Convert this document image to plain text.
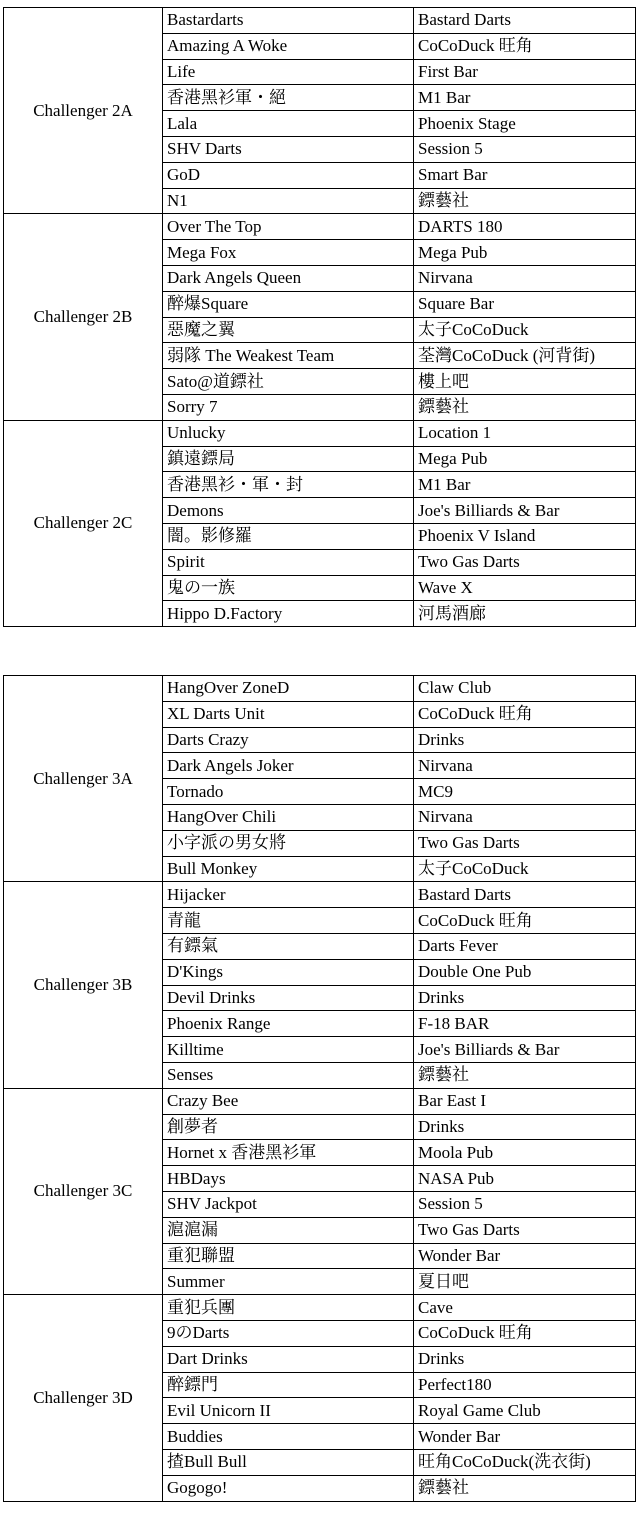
Challenger 2A	Bastardarts	Bastard Darts
	Amazing A Woke	CoCoDuck 旺角
	Life	First Bar
	香港黑衫軍・絕	M1 Bar
	Lala	Phoenix Stage
	SHV Darts	Session 5
	GoD	Smart Bar
	N1	鏢藝社
Challenger 2B	Over The Top	DARTS 180
	Mega Fox	Mega Pub
	Dark Angels Queen	Nirvana
	醉爆Square	Square Bar
	惡魔之翼	太子CoCoDuck
	弱隊 The Weakest Team	荃灣CoCoDuck (河背街)
	Sato@道鏢社	樓上吧
	Sorry 7	鏢藝社
Challenger 2C	Unlucky	Location 1
	鎮遠鏢局	Mega Pub
	香港黑衫・軍・封	M1 Bar
	Demons	Joe's Billiards & Bar
	闇。影修羅	Phoenix V Island
	Spirit	Two Gas Darts
	鬼の一族	Wave X
	Hippo D.Factory	河馬酒廊
Challenger 3A	HangOver ZoneD	Claw Club
	XL Darts Unit	CoCoDuck 旺角
	Darts Crazy	Drinks
	Dark Angels Joker	Nirvana
	Tornado	MC9
	HangOver Chili	Nirvana
	小字派の男女將	Two Gas Darts
	Bull Monkey	太子CoCoDuck
Challenger 3B	Hijacker	Bastard Darts
	青龍	CoCoDuck 旺角
	有鏢氣	Darts Fever
	D'Kings	Double One Pub
	Devil Drinks	Drinks
	Phoenix Range	F-18 BAR
	Killtime	Joe's Billiards & Bar
	Senses	鏢藝社
Challenger 3C	Crazy Bee	Bar East I
	創夢者	Drinks
	Hornet x 香港黑衫軍	Moola Pub
	HBDays	NASA Pub
	SHV Jackpot	Session 5
	滬滬漏	Two Gas Darts
	重犯聯盟	Wonder Bar
	Summer	夏日吧
Challenger 3D	重犯兵團	Cave
	9のDarts	CoCoDuck 旺角
	Dart Drinks	Drinks
	醉鏢門	Perfect180
	Evil Unicorn II	Royal Game Club
	Buddies	Wonder Bar
	揸Bull Bull	旺角CoCoDuck(洗衣街)
	Gogogo!	鏢藝社
